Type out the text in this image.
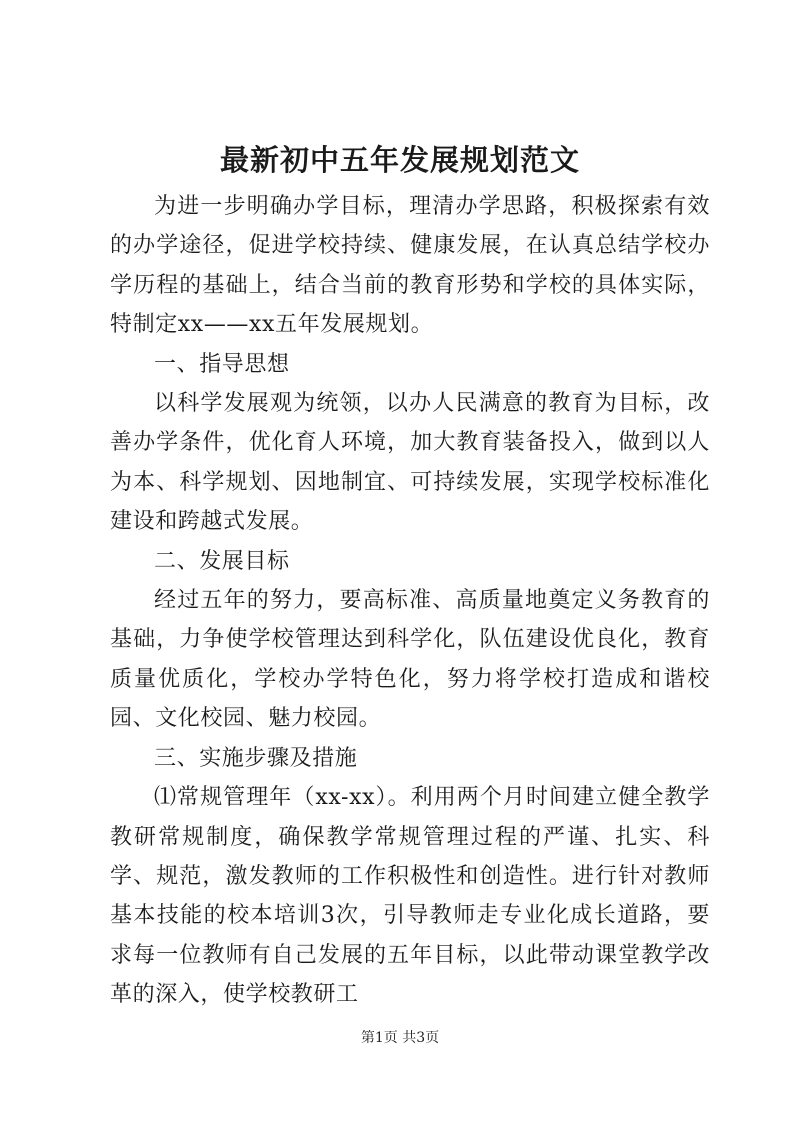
最新初中五年发展规划范文

为进一步明确办学目标，理清办学思路，积极探索有效的办学途径，促进学校持续、健康发展，在认真总结学校办学历程的基础上，结合当前的教育形势和学校的具体实际，特制定xx——xx五年发展规划。

一、指导思想

以科学发展观为统领，以办人民满意的教育为目标，改善办学条件，优化育人环境，加大教育装备投入，做到以人为本、科学规划、因地制宜、可持续发展，实现学校标准化建设和跨越式发展。

二、发展目标

经过五年的努力，要高标准、高质量地奠定义务教育的基础，力争使学校管理达到科学化，队伍建设优良化，教育质量优质化，学校办学特色化，努力将学校打造成和谐校园、文化校园、魅力校园。

三、实施步骤及措施

⑴常规管理年（xx-xx）。利用两个月时间建立健全教学教研常规制度，确保教学常规管理过程的严谨、扎实、科学、规范，激发教师的工作积极性和创造性。进行针对教师基本技能的校本培训3次，引导教师走专业化成长道路，要求每一位教师有自己发展的五年目标，以此带动课堂教学改革的深入，使学校教研工

第1页 共3页
